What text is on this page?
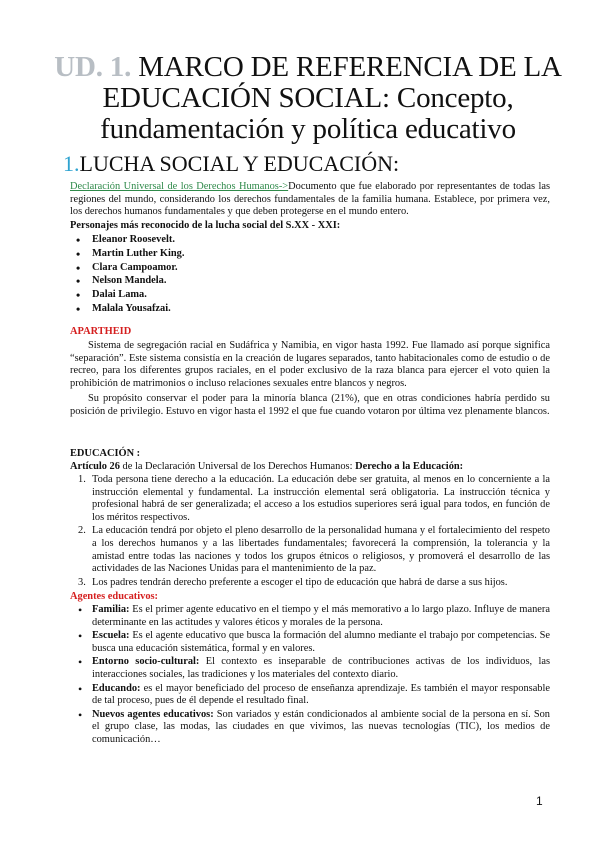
UD. 1. MARCO DE REFERENCIA DE LA EDUCACIÓN SOCIAL: Concepto, fundamentación y política educativo
1.LUCHA SOCIAL Y EDUCACIÓN:

Declaración Universal de los Derechos Humanos->Documento que fue elaborado por representantes de todas las regiones del mundo, considerando los derechos fundamentales de la familia humana. Establece, por primera vez, los derechos humanos fundamentales y que deben protegerse en el mundo entero.

Personajes más reconocido de la lucha social del S.XX - XXI:

• Eleanor Roosevelt.
• Martin Luther King.
• Clara Campoamor.
• Nelson Mandela.
• Dalai Lama.
• Malala Yousafzai.

APARTHEID

Sistema de segregación racial en Sudáfrica y Namibia, en vigor hasta 1992. Fue llamado así porque significa “separación”. Este sistema consistía en la creación de lugares separados, tanto habitacionales como de estudio o de recreo, para los diferentes grupos raciales, en el poder exclusivo de la raza blanca para ejercer el voto quien la prohibición de matrimonios o incluso relaciones sexuales entre blancos y negros.

Su propósito conservar el poder para la minoría blanca (21%), que en otras condiciones habría perdido su posición de privilegio. Estuvo en vigor hasta el 1992 el que fue cuando votaron por última vez plenamente blancos.

EDUCACIÓN :

Artículo 26 de la Declaración Universal de los Derechos Humanos: Derecho a la Educación:

1. Toda persona tiene derecho a la educación. La educación debe ser gratuita, al menos en lo concerniente a la instrucción elemental y fundamental. La instrucción elemental será obligatoria. La instrucción técnica y profesional habrá de ser generalizada; el acceso a los estudios superiores será igual para todos, en función de los méritos respectivos.
2. La educación tendrá por objeto el pleno desarrollo de la personalidad humana y el fortalecimiento del respeto a los derechos humanos y a las libertades fundamentales; favorecerá la comprensión, la tolerancia y la amistad entre todas las naciones y todos los grupos étnicos o religiosos, y promoverá el desarrollo de las actividades de las Naciones Unidas para el mantenimiento de la paz.
3. Los padres tendrán derecho preferente a escoger el tipo de educación que habrá de darse a sus hijos.

Agentes educativos:

• Familia: Es el primer agente educativo en el tiempo y el más memorativo a lo largo plazo. Influye de manera determinante en las actitudes y valores éticos y morales de la persona.
• Escuela: Es el agente educativo que busca la formación del alumno mediante el trabajo por competencias. Se busca una educación sistemática, formal y en valores.
• Entorno socio-cultural: El contexto es inseparable de contribuciones activas de los individuos, las interacciones sociales, las tradiciones y los materiales del contexto diario.
• Educando: es el mayor beneficiado del proceso de enseñanza aprendizaje. Es también el mayor responsable de tal proceso, pues de él depende el resultado final.
• Nuevos agentes educativos: Son variados y están condicionados al ambiente social de la persona en sí. Son el grupo clase, las modas, las ciudades en que vivimos, las nuevas tecnologías (TIC), los medios de comunicación…
1
